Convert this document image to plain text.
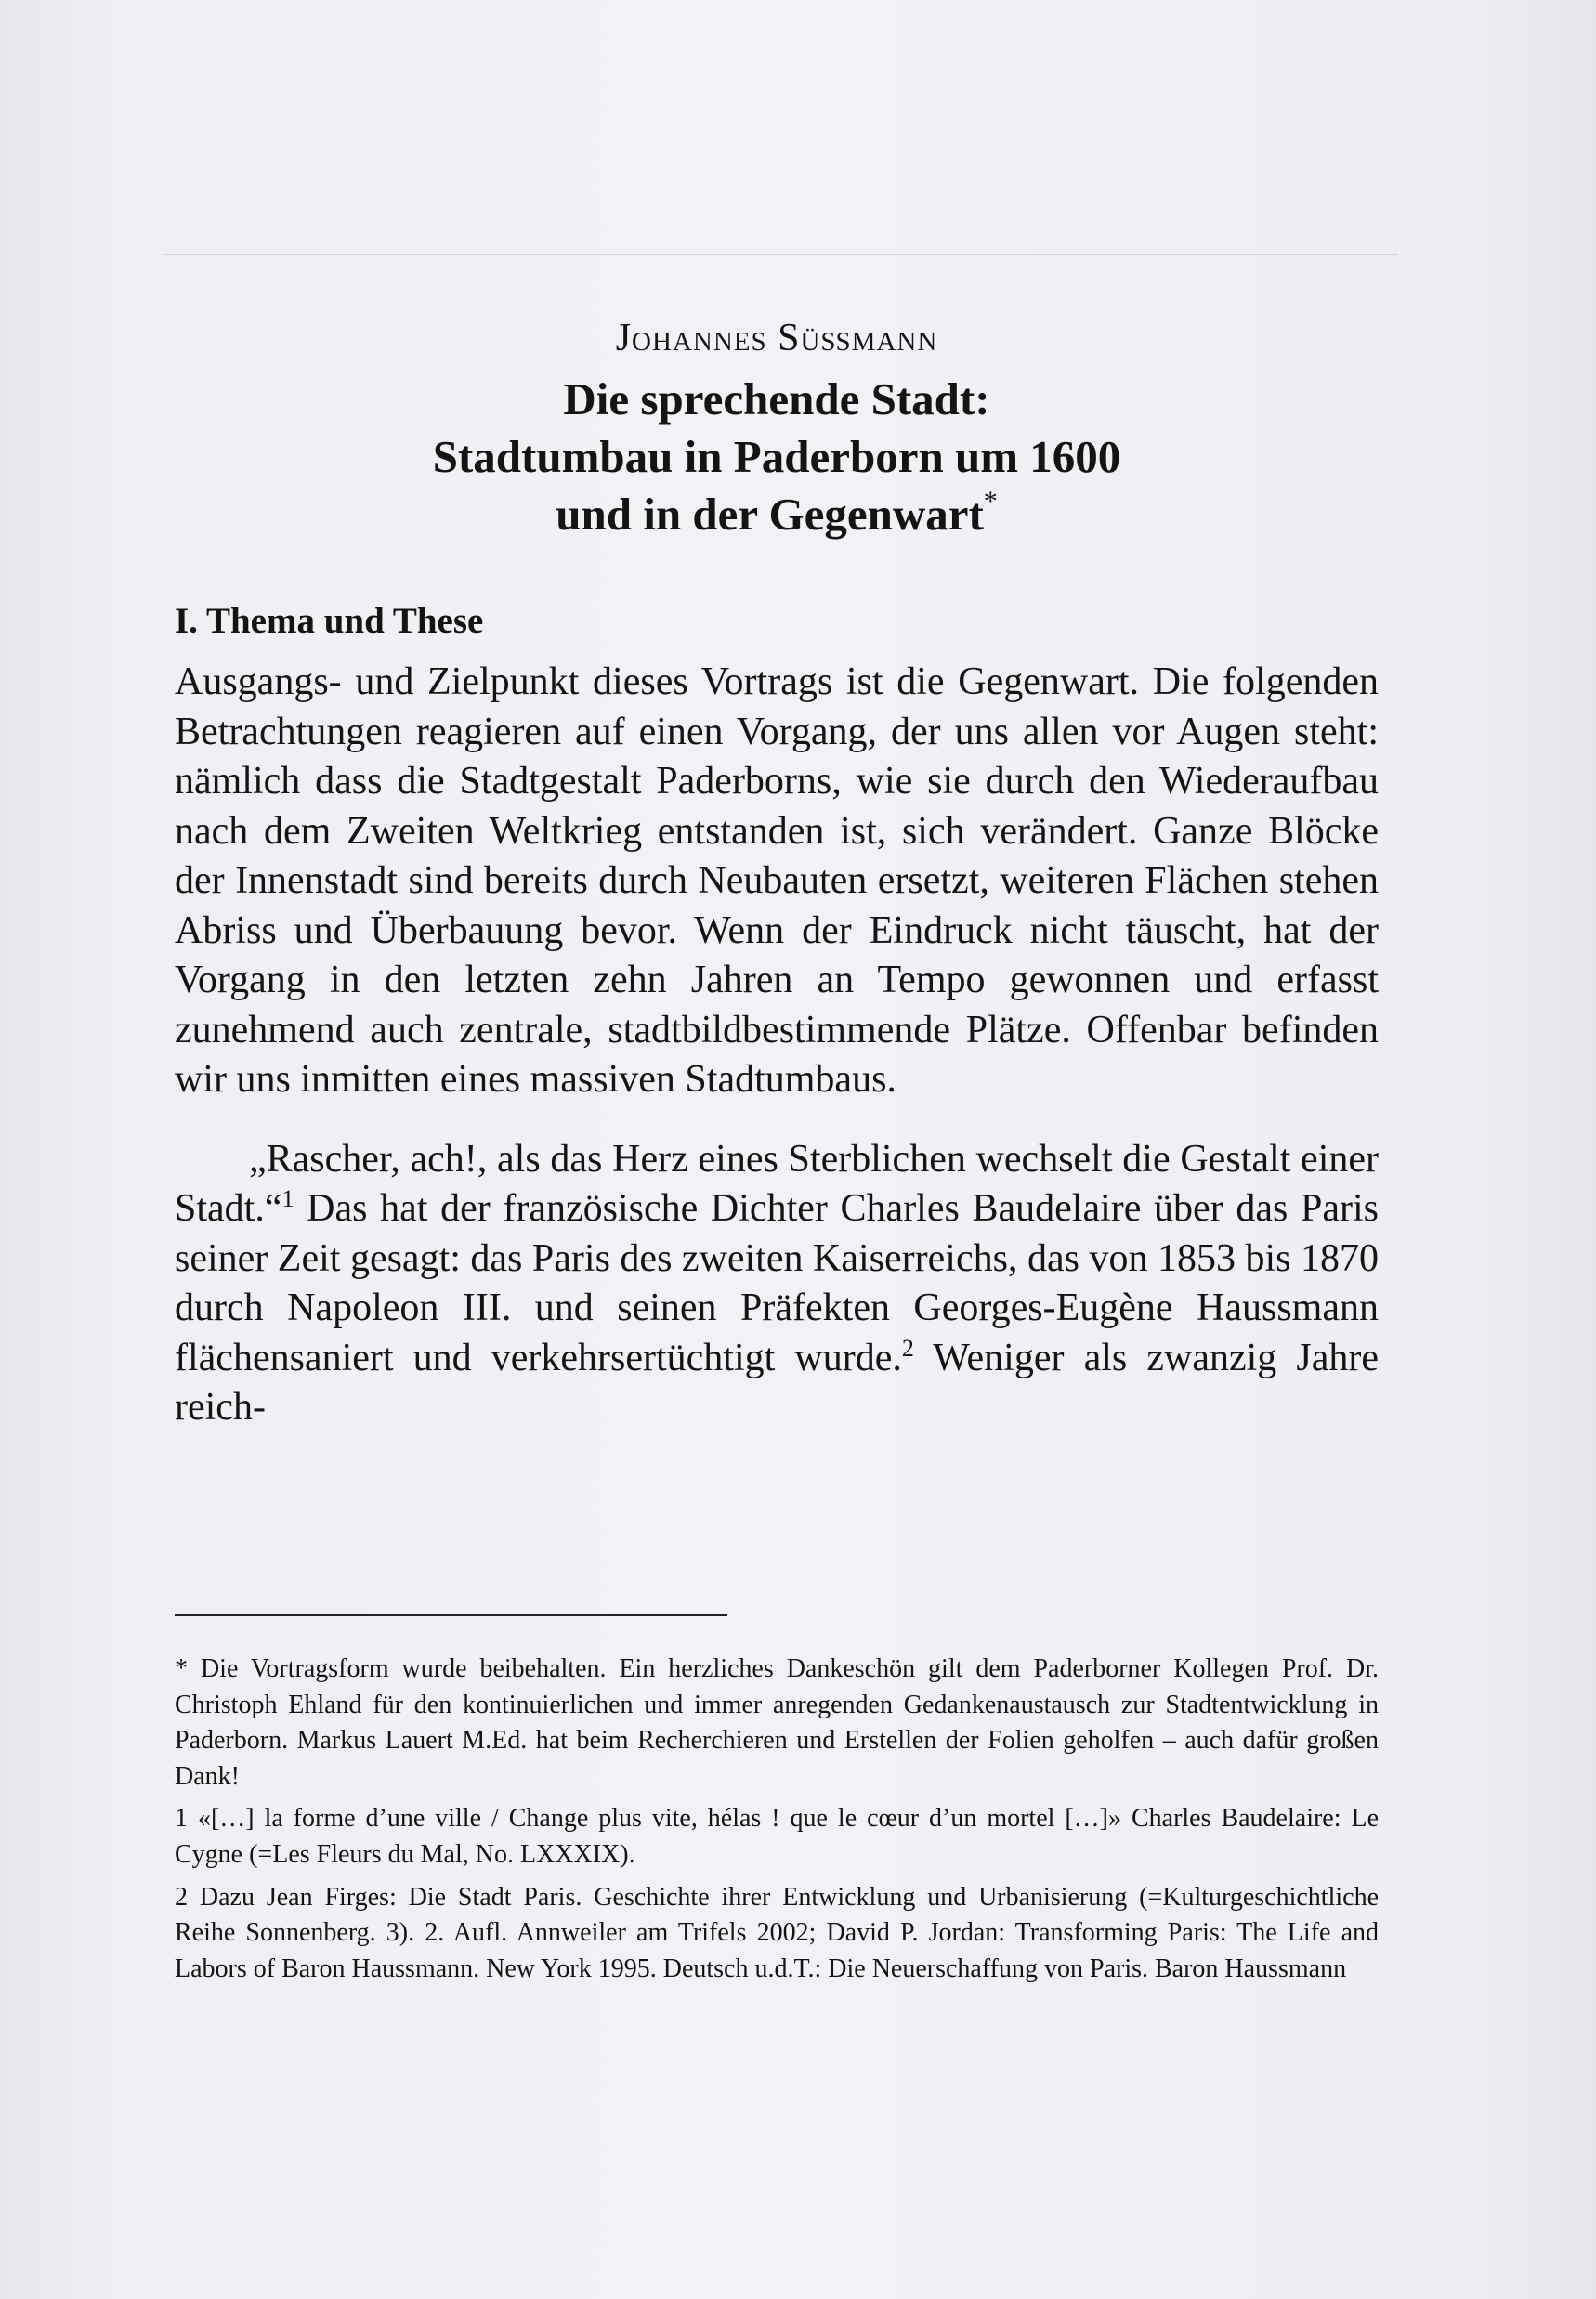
Johannes Süßmann
Die sprechende Stadt:
Stadtumbau in Paderborn um 1600
und in der Gegenwart*
I. Thema und These

Ausgangs- und Zielpunkt dieses Vortrags ist die Gegenwart. Die folgenden Betrachtungen reagieren auf einen Vorgang, der uns allen vor Augen steht: nämlich dass die Stadtgestalt Paderborns, wie sie durch den Wiederaufbau nach dem Zweiten Weltkrieg entstanden ist, sich verändert. Ganze Blöcke der Innenstadt sind bereits durch Neubauten ersetzt, weiteren Flächen stehen Abriss und Überbauung bevor. Wenn der Eindruck nicht täuscht, hat der Vorgang in den letzten zehn Jahren an Tempo gewonnen und erfasst zunehmend auch zentrale, stadtbildbestimmende Plätze. Offenbar befinden wir uns inmitten eines massiven Stadtumbaus.

„Rascher, ach!, als das Herz eines Sterblichen wechselt die Gestalt einer Stadt.“$^1$ Das hat der französische Dichter Charles Baudelaire über das Paris seiner Zeit gesagt: das Paris des zweiten Kaiserreichs, das von 1853 bis 1870 durch Napoleon III. und seinen Präfekten Georges-Eugène Haussmann flächensaniert und verkehrsertüchtigt wurde.$^2$ Weniger als zwanzig Jahre reich-

* Die Vortragsform wurde beibehalten. Ein herzliches Dankeschön gilt dem Paderborner Kollegen Prof. Dr. Christoph Ehland für den kontinuierlichen und immer anregenden Gedankenaustausch zur Stadtentwicklung in Paderborn. Markus Lauert M.Ed. hat beim Recherchieren und Erstellen der Folien geholfen – auch dafür großen Dank!

1 «[…] la forme d’une ville / Change plus vite, hélas ! que le cœur d’un mortel […]» Charles Baudelaire: Le Cygne (=Les Fleurs du Mal, No. LXXXIX).

2 Dazu Jean Firges: Die Stadt Paris. Geschichte ihrer Entwicklung und Urbanisierung (=Kulturgeschichtliche Reihe Sonnenberg. 3). 2. Aufl. Annweiler am Trifels 2002; David P. Jordan: Transforming Paris: The Life and Labors of Baron Haussmann. New York 1995. Deutsch u.d.T.: Die Neuerschaffung von Paris. Baron Haussmann
